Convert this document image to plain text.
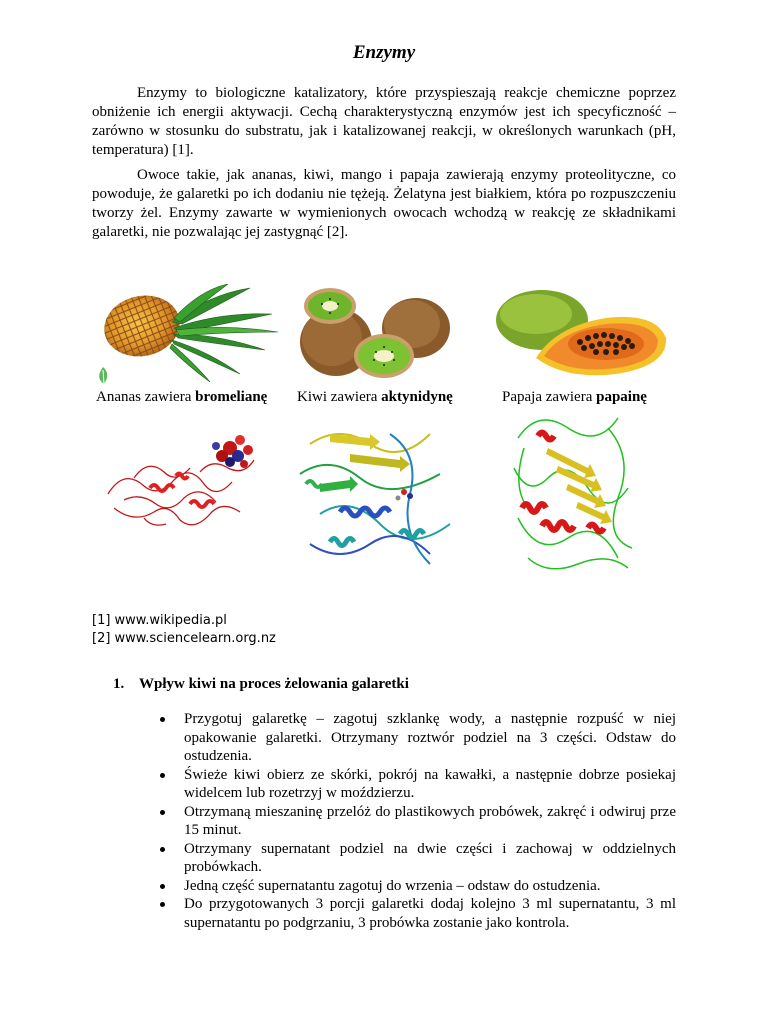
Enzymy

Enzymy to biologiczne katalizatory, które przyspieszają reakcje chemiczne poprzez obniżenie ich energii aktywacji. Cechą charakterystyczną enzymów jest ich specyficzność – zarówno w stosunku do substratu, jak i katalizowanej reakcji, w określonych warunkach (pH, temperatura) [1].

Owoce takie, jak ananas, kiwi, mango i papaja zawierają enzymy proteolityczne, co powoduje, że galaretki po ich dodaniu nie tężeją. Żelatyna jest białkiem, która po rozpuszczeniu tworzy żel. Enzymy zawarte w wymienionych owocach wchodzą w reakcję ze składnikami galaretki, nie pozwalając jej zastygnąć [2].

Ananas zawiera bromelianę Kiwi zawiera aktynidynę	Papaja zawiera papainę
[1] www.wikipedia.pl
[2] www.sciencelearn.org.nz
1. Wpływ kiwi na proces żelowania galaretki
Przygotuj galaretkę – zagotuj szklankę wody, a następnie rozpuść w niej opakowanie galaretki. Otrzymany roztwór podziel na 3 części. Odstaw do ostudzenia.
Świeże kiwi obierz ze skórki, pokrój na kawałki, a następnie dobrze posiekaj widelcem lub rozetrzyj w moździerzu.
Otrzymaną mieszaninę przelóż do plastikowych probówek, zakręć i odwiruj prze 15 minut.
Otrzymany supernatant podziel na dwie części i zachowaj w oddzielnych probówkach.
Jedną część supernatantu zagotuj do wrzenia – odstaw do ostudzenia.
Do przygotowanych 3 porcji galaretki dodaj kolejno 3 ml supernatantu, 3 ml supernatantu po podgrzaniu, 3 probówka zostanie jako kontrola.
